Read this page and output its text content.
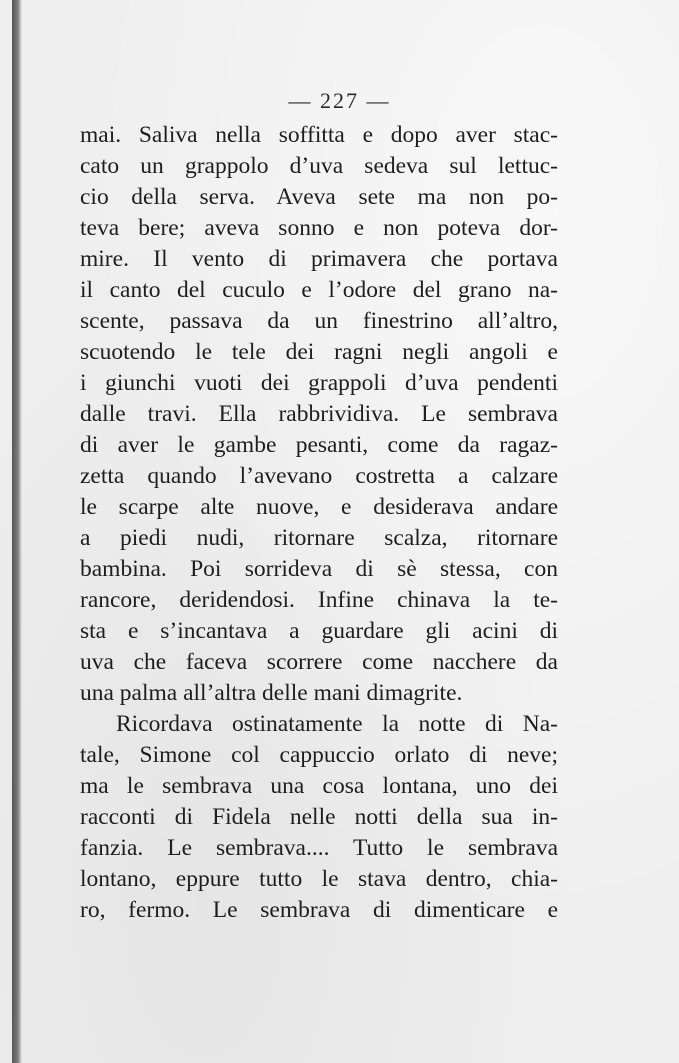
— 227 —
mai. Saliva nella soffitta e dopo aver stac-
cato un grappolo d’uva sedeva sul lettuc-
cio della serva. Aveva sete ma non po-
teva bere; aveva sonno e non poteva dor-
mire. Il vento di primavera che portava
il canto del cuculo e l’odore del grano na-
scente, passava da un finestrino all’altro,
scuotendo le tele dei ragni negli angoli e
i giunchi vuoti dei grappoli d’uva pendenti
dalle travi. Ella rabbrividiva. Le sembrava
di aver le gambe pesanti, come da ragaz-
zetta quando l’avevano costretta a calzare
le scarpe alte nuove, e desiderava andare
a piedi nudi, ritornare scalza, ritornare
bambina. Poi sorrideva di sè stessa, con
rancore, deridendosi. Infine chinava la te-
sta e s’incantava a guardare gli acini di
uva che faceva scorrere come nacchere da
una palma all’altra delle mani dimagrite.
Ricordava ostinatamente la notte di Na-
tale, Simone col cappuccio orlato di neve;
ma le sembrava una cosa lontana, uno dei
racconti di Fidela nelle notti della sua in-
fanzia. Le sembrava.... Tutto le sembrava
lontano, eppure tutto le stava dentro, chia-
ro, fermo. Le sembrava di dimenticare e
